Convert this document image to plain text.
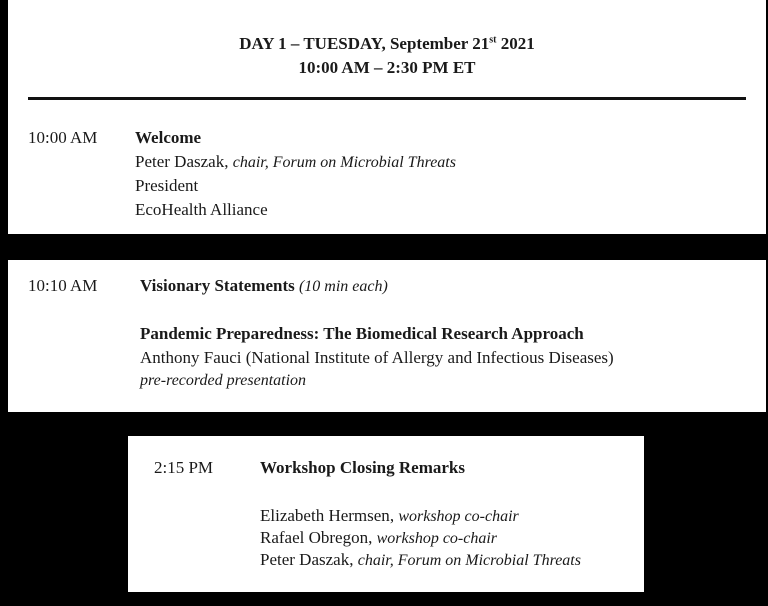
DAY 1 – TUESDAY, September 21st 2021
10:00 AM – 2:30 PM ET
10:00 AM Welcome
Peter Daszak, chair, Forum on Microbial Threats
President
EcoHealth Alliance
10:10 AM	Visionary Statements (10 min each)
Pandemic Preparedness: The Biomedical Research Approach
Anthony Fauci (National Institute of Allergy and Infectious Diseases)
pre-recorded presentation
2:15 PM	Workshop Closing Remarks
Elizabeth Hermsen, workshop co-chair
Rafael Obregon, workshop co-chair
Peter Daszak, chair, Forum on Microbial Threats
